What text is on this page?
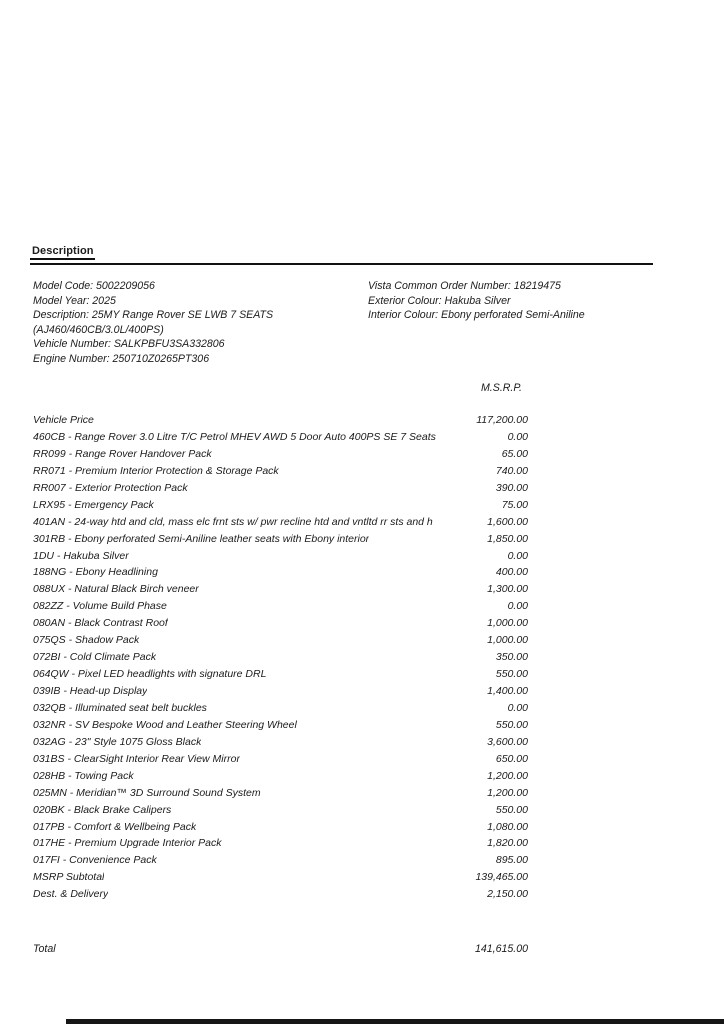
Description
Model Code: 5002209056
Model Year: 2025
Description: 25MY Range Rover SE LWB 7 SEATS
(AJ460/460CB/3.0L/400PS)
Vehicle Number: SALKPBFU3SA332806
Engine Number: 250710Z0265PT306
Vista Common Order Number: 18219475
Exterior Colour: Hakuba Silver
Interior Colour: Ebony perforated Semi-Aniline
M.S.R.P.
Vehicle Price	117,200.00
460CB - Range Rover 3.0 Litre T/C Petrol MHEV AWD 5 Door Auto 400PS SE 7 Seats	0.00
RR099 - Range Rover Handover Pack	65.00
RR071 - Premium Interior Protection & Storage Pack	740.00
RR007 - Exterior Protection Pack	390.00
LRX95 - Emergency Pack	75.00
401AN - 24-way htd and cld, mass elc frnt sts w/ pwr recline htd and vntltd rr sts and h	1,600.00
301RB - Ebony perforated Semi-Aniline leather seats with Ebony interior	1,850.00
1DU - Hakuba Silver	0.00
188NG - Ebony Headlining	400.00
088UX - Natural Black Birch veneer	1,300.00
082ZZ - Volume Build Phase	0.00
080AN - Black Contrast Roof	1,000.00
075QS - Shadow Pack	1,000.00
072BI - Cold Climate Pack	350.00
064QW - Pixel LED headlights with signature DRL	550.00
039IB - Head-up Display	1,400.00
032QB - Illuminated seat belt buckles	0.00
032NR - SV Bespoke Wood and Leather Steering Wheel	550.00
032AG - 23" Style 1075 Gloss Black	3,600.00
031BS - ClearSight Interior Rear View Mirror	650.00
028HB - Towing Pack	1,200.00
025MN - Meridian™ 3D Surround Sound System	1,200.00
020BK - Black Brake Calipers	550.00
017PB - Comfort & Wellbeing Pack	1,080.00
017HE - Premium Upgrade Interior Pack	1,820.00
017FI - Convenience Pack	895.00
MSRP Subtotal	139,465.00
Dest. & Delivery	2,150.00
Total	141,615.00
